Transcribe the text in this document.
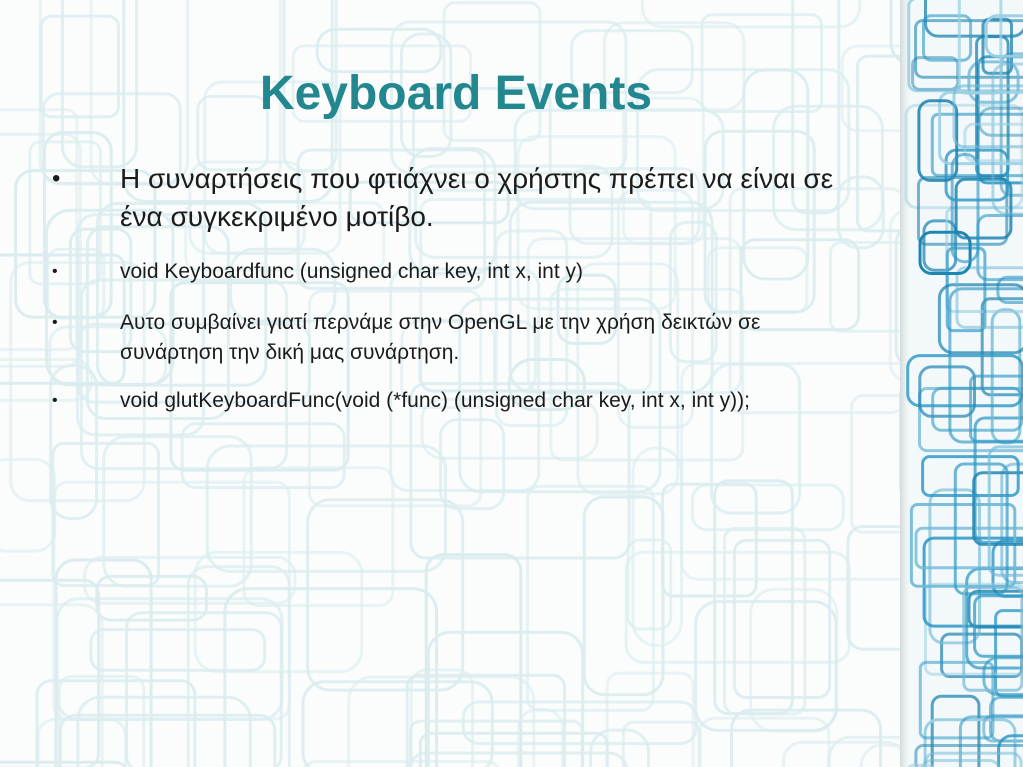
Keyboard Events
•	Η συναρτήσεις που φτιάχνει ο χρήστης πρέπει να είναι σε ένα συγκεκριμένο μοτίβο.
•	void Keyboardfunc (unsigned char key, int x, int y)
•	Αυτο συμβαίνει γιατί περνάμε στην OpenGL με την χρήση δεικτών σε συνάρτηση την δική μας συνάρτηση.
•	void glutKeyboardFunc(void (*func) (unsigned char key, int x, int y));
